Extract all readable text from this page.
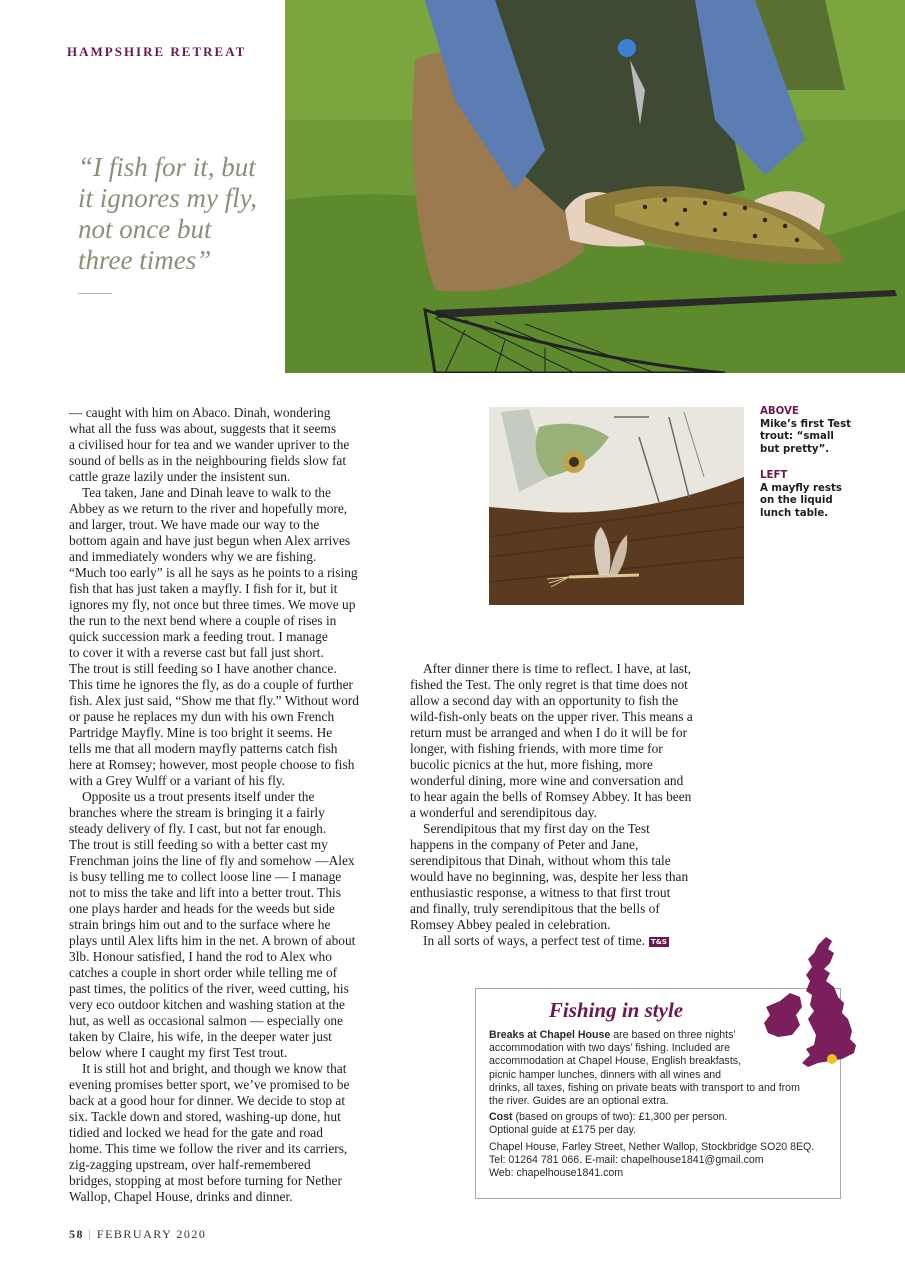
HAMPSHIRE RETREAT
“I fish for it, but
it ignores my fly,
not once but
three times”
— caught with him on Abaco. Dinah, wondering
what all the fuss was about, suggests that it seems
a civilised hour for tea and we wander upriver to the
sound of bells as in the neighbouring fields slow fat
cattle graze lazily under the insistent sun.
Tea taken, Jane and Dinah leave to walk to the
Abbey as we return to the river and hopefully more,
and larger, trout. We have made our way to the
bottom again and have just begun when Alex arrives
and immediately wonders why we are fishing.
“Much too early” is all he says as he points to a rising
fish that has just taken a mayfly. I fish for it, but it
ignores my fly, not once but three times. We move up
the run to the next bend where a couple of rises in
quick succession mark a feeding trout. I manage
to cover it with a reverse cast but fall just short.
The trout is still feeding so I have another chance.
This time he ignores the fly, as do a couple of further
fish. Alex just said, “Show me that fly.” Without word
or pause he replaces my dun with his own French
Partridge Mayfly. Mine is too bright it seems. He
tells me that all modern mayfly patterns catch fish
here at Romsey; however, most people choose to fish
with a Grey Wulff or a variant of his fly.
Opposite us a trout presents itself under the
branches where the stream is bringing it a fairly
steady delivery of fly. I cast, but not far enough.
The trout is still feeding so with a better cast my
Frenchman joins the line of fly and somehow —Alex
is busy telling me to collect loose line — I manage
not to miss the take and lift into a better trout. This
one plays harder and heads for the weeds but side
strain brings him out and to the surface where he
plays until Alex lifts him in the net. A brown of about
3lb. Honour satisfied, I hand the rod to Alex who
catches a couple in short order while telling me of
past times, the politics of the river, weed cutting, his
very eco outdoor kitchen and washing station at the
hut, as well as occasional salmon — especially one
taken by Claire, his wife, in the deeper water just
below where I caught my first Test trout.
It is still hot and bright, and though we know that
evening promises better sport, we’ve promised to be
back at a good hour for dinner. We decide to stop at
six. Tackle down and stored, washing-up done, hut
tidied and locked we head for the gate and road
home. This time we follow the river and its carriers,
zig-zagging upstream, over half-remembered
bridges, stopping at most before turning for Nether
Wallop, Chapel House, drinks and dinner.
ABOVE
Mike’s first Test
trout: “small
but pretty”.
LEFT
A mayfly rests
on the liquid
lunch table.
After dinner there is time to reflect. I have, at last,
fished the Test. The only regret is that time does not
allow a second day with an opportunity to fish the
wild-fish-only beats on the upper river. This means a
return must be arranged and when I do it will be for
longer, with fishing friends, with more time for
bucolic picnics at the hut, more fishing, more
wonderful dining, more wine and conversation and
to hear again the bells of Romsey Abbey. It has been
a wonderful and serendipitous day.
Serendipitous that my first day on the Test
happens in the company of Peter and Jane,
serendipitous that Dinah, without whom this tale
would have no beginning, was, despite her less than
enthusiastic response, a witness to that first trout
and finally, truly serendipitous that the bells of
Romsey Abbey pealed in celebration.
In all sorts of ways, a perfect test of time. T&S
Fishing in style
Breaks at Chapel House are based on three nights’
accommodation with two days’ fishing. Included are
accommodation at Chapel House, English breakfasts,
picnic hamper lunches, dinners with all wines and
drinks, all taxes, fishing on private beats with transport to and from
the river. Guides are an optional extra.
Cost (based on groups of two): £1,300 per person.
Optional guide at £175 per day.
Chapel House, Farley Street, Nether Wallop, Stockbridge SO20 8EQ.
Tel: 01264 781 066. E-mail: chapelhouse1841@gmail.com
Web: chapelhouse1841.com
58 | FEBRUARY 2020
